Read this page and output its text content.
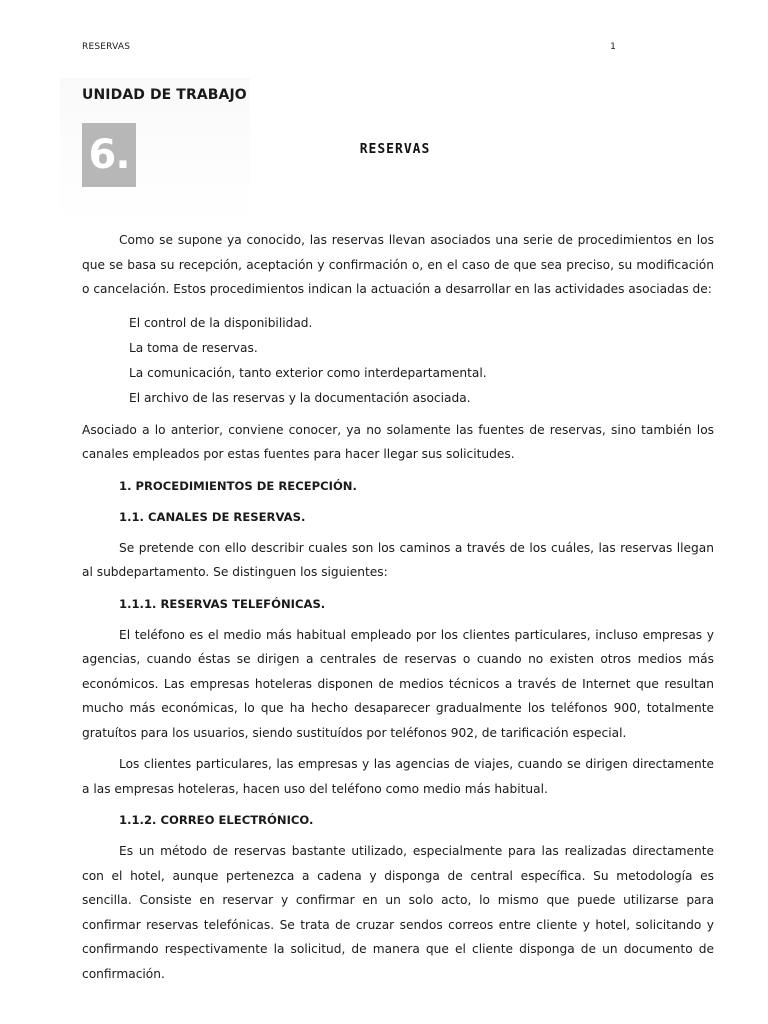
RESERVAS	1
UNIDAD DE TRABAJO
6.	RESERVAS

Como se supone ya conocido, las reservas llevan asociados una serie de procedimientos en los que se basa su recepción, aceptación y confirmación o, en el caso de que sea preciso, su modificación o cancelación. Estos procedimientos indican la actuación a desarrollar en las actividades asociadas de:

El control de la disponibilidad.
La toma de reservas.
La comunicación, tanto exterior como interdepartamental.
El archivo de las reservas y la documentación asociada.

Asociado a lo anterior, conviene conocer, ya no solamente las fuentes de reservas, sino también los canales empleados por estas fuentes para hacer llegar sus solicitudes.

1. PROCEDIMIENTOS DE RECEPCIÓN.
1.1. CANALES DE RESERVAS.

Se pretende con ello describir cuales son los caminos a través de los cuáles, las reservas llegan al subdepartamento. Se distinguen los siguientes:

1.1.1. RESERVAS TELEFÓNICAS.

El teléfono es el medio más habitual empleado por los clientes particulares, incluso empresas y agencias, cuando éstas se dirigen a centrales de reservas o cuando no existen otros medios más económicos. Las empresas hoteleras disponen de medios técnicos a través de Internet que resultan mucho más económicas, lo que ha hecho desaparecer gradualmente los teléfonos 900, totalmente gratuítos para los usuarios, siendo sustituídos por teléfonos 902, de tarificación especial.

Los clientes particulares, las empresas y las agencias de viajes, cuando se dirigen directamente a las empresas hoteleras, hacen uso del teléfono como medio más habitual.

1.1.2. CORREO ELECTRÓNICO.

Es un método de reservas bastante utilizado, especialmente para las realizadas directamente con el hotel, aunque pertenezca a cadena y disponga de central específica. Su metodología es sencilla. Consiste en reservar y confirmar en un solo acto, lo mismo que puede utilizarse para confirmar reservas telefónicas. Se trata de cruzar sendos correos entre cliente y hotel, solicitando y confirmando respectivamente la solicitud, de manera que el cliente disponga de un documento de confirmación.
